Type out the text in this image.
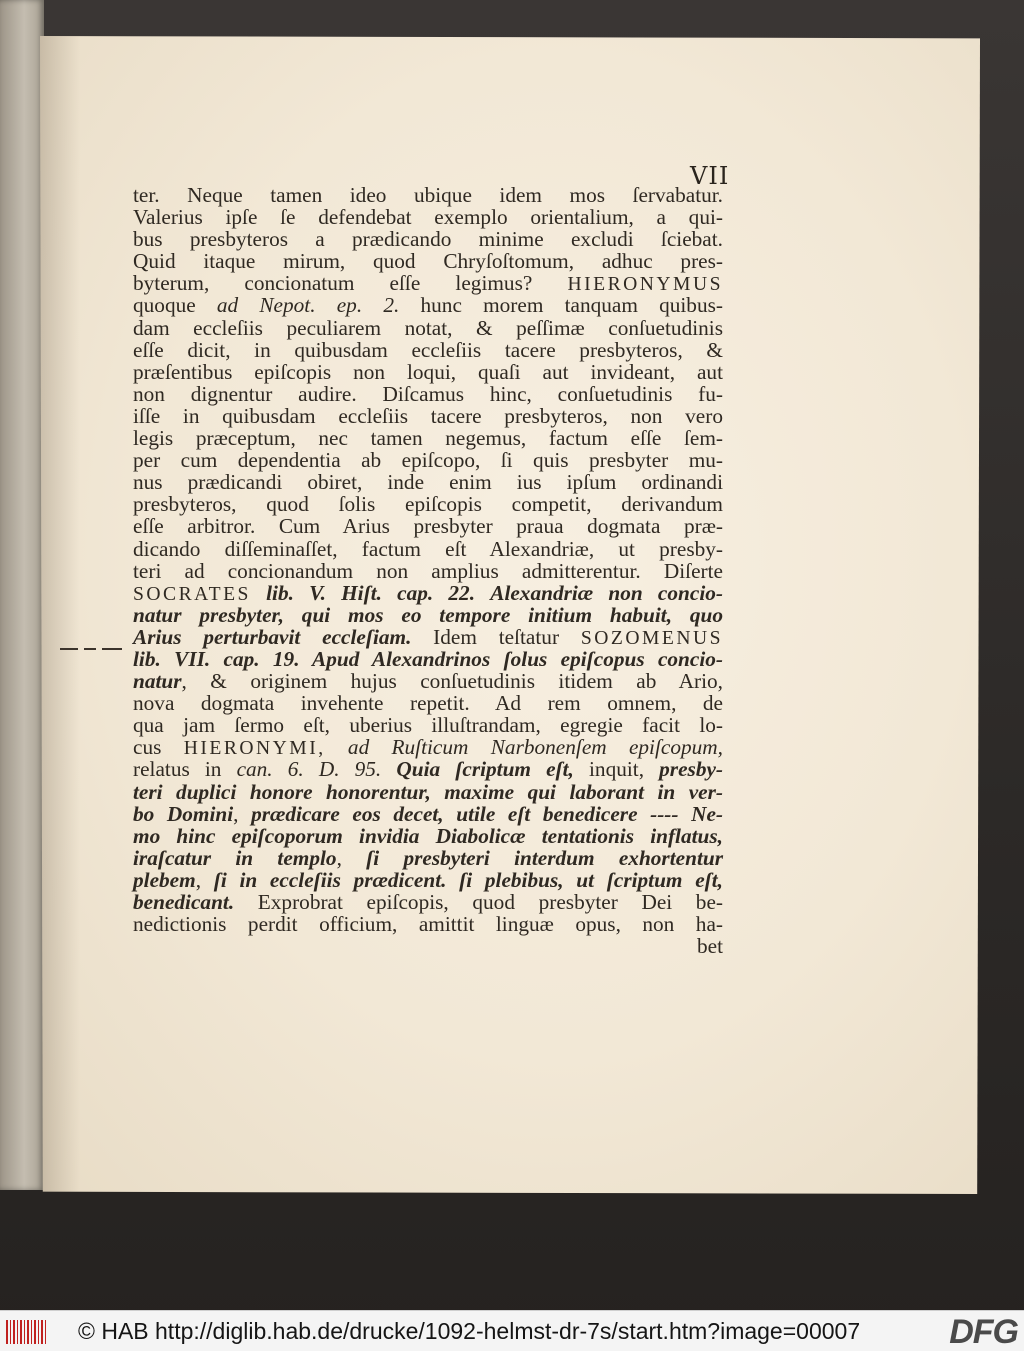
VII
ter. Neque tamen ideo ubique idem mos ſervabatur.
Valerius ipſe ſe defendebat exemplo orientalium, a qui-
bus presbyteros a prædicando minime excludi ſciebat.
Quid itaque mirum, quod Chryſoſtomum, adhuc pres-
byterum, concionatum eſſe legimus? HIERONYMUS
quoque ad Nepot. ep. 2. hunc morem tanquam quibus-
dam eccleſiis peculiarem notat, & peſſimæ conſuetudinis
eſſe dicit, in quibusdam eccleſiis tacere presbyteros, &
præſentibus epiſcopis non loqui, quaſi aut invideant, aut
non dignentur audire. Diſcamus hinc, conſuetudinis fu-
iſſe in quibusdam eccleſiis tacere presbyteros, non vero
legis præceptum, nec tamen negemus, factum eſſe ſem-
per cum dependentia ab epiſcopo, ſi quis presbyter mu-
nus prædicandi obiret, inde enim ius ipſum ordinandi
presbyteros, quod ſolis epiſcopis competit, derivandum
eſſe arbitror. Cum Arius presbyter praua dogmata præ-
dicando diſſeminaſſet, factum eſt Alexandriæ, ut presby-
teri ad concionandum non amplius admitterentur. Diſerte
SOCRATES lib. V. Hiſt. cap. 22. Alexandriæ non concio-
natur presbyter, qui mos eo tempore initium habuit, quo
Arius perturbavit eccleſiam. Idem teſtatur SOZOMENUS
lib. VII. cap. 19. Apud Alexandrinos ſolus epiſcopus concio-
natur, & originem hujus conſuetudinis itidem ab Ario,
nova dogmata invehente repetit. Ad rem omnem, de
qua jam ſermo eſt, uberius illuſtrandam, egregie facit lo-
cus HIERONYMI, ad Ruſticum Narbonenſem epiſcopum,
relatus in can. 6. D. 95. Quia ſcriptum eſt, inquit, presby-
teri duplici honore honorentur, maxime qui laborant in ver-
bo Domini, prædicare eos decet, utile eſt benedicere ---- Ne-
mo hinc epiſcoporum invidia Diabolicæ tentationis inflatus,
iraſcatur in templo, ſi presbyteri interdum exhortentur
plebem, ſi in eccleſiis prædicent. ſi plebibus, ut ſcriptum eſt,
benedicant. Exprobrat epiſcopis, quod presbyter Dei be-
nedictionis perdit officium, amittit linguæ opus, non ha-
bet
© HAB http://diglib.hab.de/drucke/1092-helmst-dr-7s/start.htm?image=00007	DFG
